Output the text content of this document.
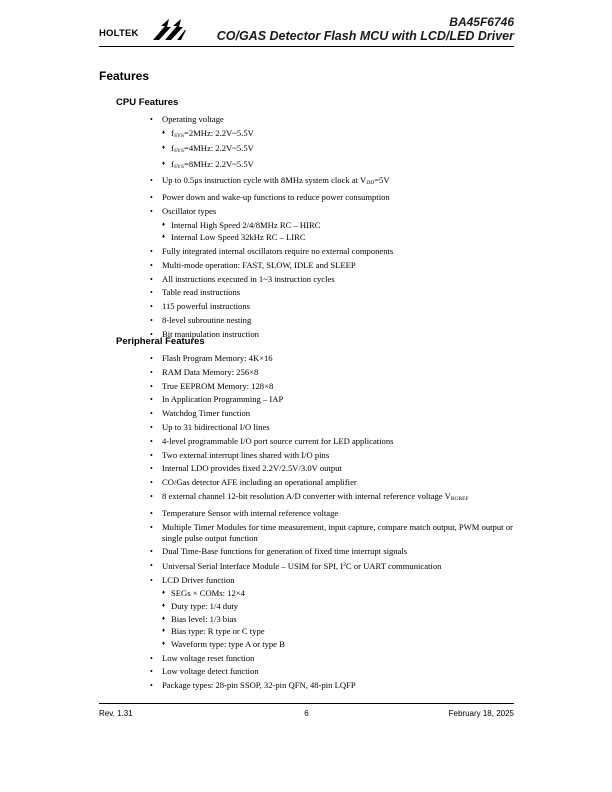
HOLTEK
BA45F6746
CO/GAS Detector Flash MCU with LCD/LED Driver
Features
CPU Features
• Operating voltage
♦ $f_{SYS}=2MHz$: 2.2V~5.5V
♦ $f_{SYS}=4MHz$: 2.2V~5.5V
♦ $f_{SYS}=8MHz$: 2.2V~5.5V
• Up to 0.5μs instruction cycle with 8MHz system clock at $V_{DD}=5V$
• Power down and wake-up functions to reduce power consumption
• Oscillator types
♦ Internal High Speed 2/4/8MHz RC – HIRC
♦ Internal Low Speed 32kHz RC – LIRC
• Fully integrated internal oscillators require no external components
• Multi-mode operation: FAST, SLOW, IDLE and SLEEP
• All instructions executed in 1~3 instruction cycles
• Table read instructions
• 115 powerful instructions
• 8-level subroutine nesting
• Bit manipulation instruction
Peripheral Features
• Flash Program Memory: 4K×16
• RAM Data Memory: 256×8
• True EEPROM Memory: 128×8
• In Application Programming – IAP
• Watchdog Timer function
• Up to 31 bidirectional I/O lines
• 4-level programmable I/O port source current for LED applications
• Two external interrupt lines shared with I/O pins
• Internal LDO provides fixed 2.2V/2.5V/3.0V output
• CO/Gas detector AFE including an operational amplifier
• 8 external channel 12-bit resolution A/D converter with internal reference voltage $V_{BGREF}$
• Temperature Sensor with internal reference voltage
• Multiple Timer Modules for time measurement, input capture, compare match output, PWM output or single pulse output function
• Dual Time-Base functions for generation of fixed time interrupt signals
• Universal Serial Interface Module – USIM for SPI, $I^2C$ or UART communication
• LCD Driver function
♦ SEGs × COMs: 12×4
♦ Duty type: 1/4 duty
♦ Bias level: 1/3 bias
♦ Bias type: R type or C type
♦ Waveform type: type A or type B
• Low voltage reset function
• Low voltage detect function
• Package types: 28-pin SSOP, 32-pin QFN, 48-pin LQFP
Rev. 1.31	6	February 18, 2025
